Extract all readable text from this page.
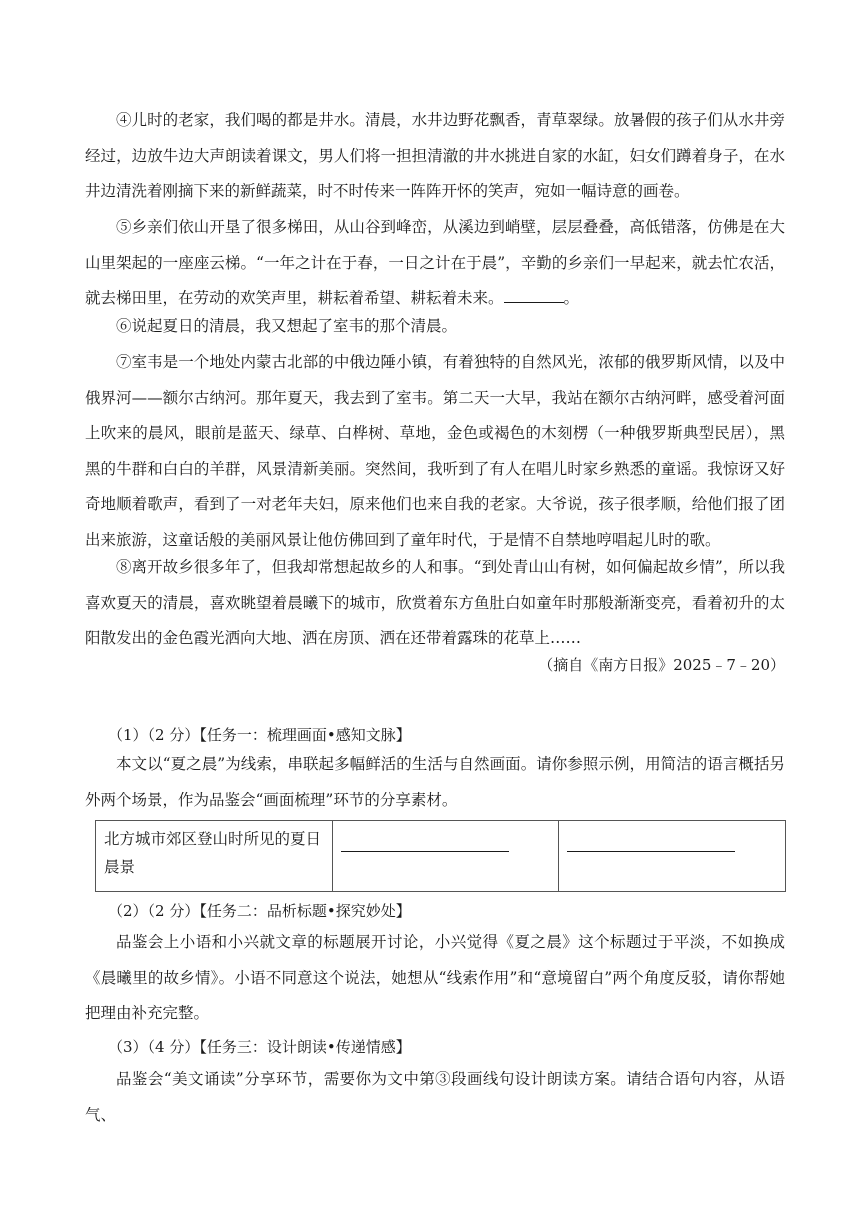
④儿时的老家，我们喝的都是井水。清晨，水井边野花飘香，青草翠绿。放暑假的孩子们从水井旁经过，边放牛边大声朗读着课文，男人们将一担担清澈的井水挑进自家的水缸，妇女们蹲着身子，在水井边清洗着刚摘下来的新鲜蔬菜，时不时传来一阵阵开怀的笑声，宛如一幅诗意的画卷。

⑤乡亲们依山开垦了很多梯田，从山谷到峰峦，从溪边到峭壁，层层叠叠，高低错落，仿佛是在大山里架起的一座座云梯。“一年之计在于春，一日之计在于晨”，辛勤的乡亲们一早起来，就去忙农活，就去梯田里，在劳动的欢笑声里，耕耘着希望、耕耘着未来。	。

⑥说起夏日的清晨，我又想起了室韦的那个清晨。

⑦室韦是一个地处内蒙古北部的中俄边陲小镇，有着独特的自然风光，浓郁的俄罗斯风情，以及中俄界河——额尔古纳河。那年夏天，我去到了室韦。第二天一大早，我站在额尔古纳河畔，感受着河面上吹来的晨风，眼前是蓝天、绿草、白桦树、草地，金色或褐色的木刻楞（一种俄罗斯典型民居），黑黑的牛群和白白的羊群，风景清新美丽。突然间，我听到了有人在唱儿时家乡熟悉的童谣。我惊讶又好奇地顺着歌声，看到了一对老年夫妇，原来他们也来自我的老家。大爷说，孩子很孝顺，给他们报了团出来旅游，这童话般的美丽风景让他仿佛回到了童年时代，于是情不自禁地哼唱起儿时的歌。

⑧离开故乡很多年了，但我却常想起故乡的人和事。“到处青山山有树，如何偏起故乡情”，所以我喜欢夏天的清晨，喜欢眺望着晨曦下的城市，欣赏着东方鱼肚白如童年时那般渐渐变亮，看着初升的太阳散发出的金色霞光洒向大地、洒在房顶、洒在还带着露珠的花草上……

（摘自《南方日报》2025﹣7﹣20）

（1）（2 分）【任务一：梳理画面•感知文脉】

本文以“夏之晨”为线索，串联起多幅鲜活的生活与自然画面。请你参照示例，用简洁的语言概括另外两个场景，作为品鉴会“画面梳理”环节的分享素材。

北方城市郊区登山时所见的夏日晨景		

（2）（2 分）【任务二：品析标题•探究妙处】

品鉴会上小语和小兴就文章的标题展开讨论，小兴觉得《夏之晨》这个标题过于平淡，不如换成《晨曦里的故乡情》。小语不同意这个说法，她想从“线索作用”和“意境留白”两个角度反驳，请你帮她把理由补充完整。

（3）（4 分）【任务三：设计朗读•传递情感】

品鉴会“美文诵读”分享环节，需要你为文中第③段画线句设计朗读方案。请结合语句内容，从语气、
